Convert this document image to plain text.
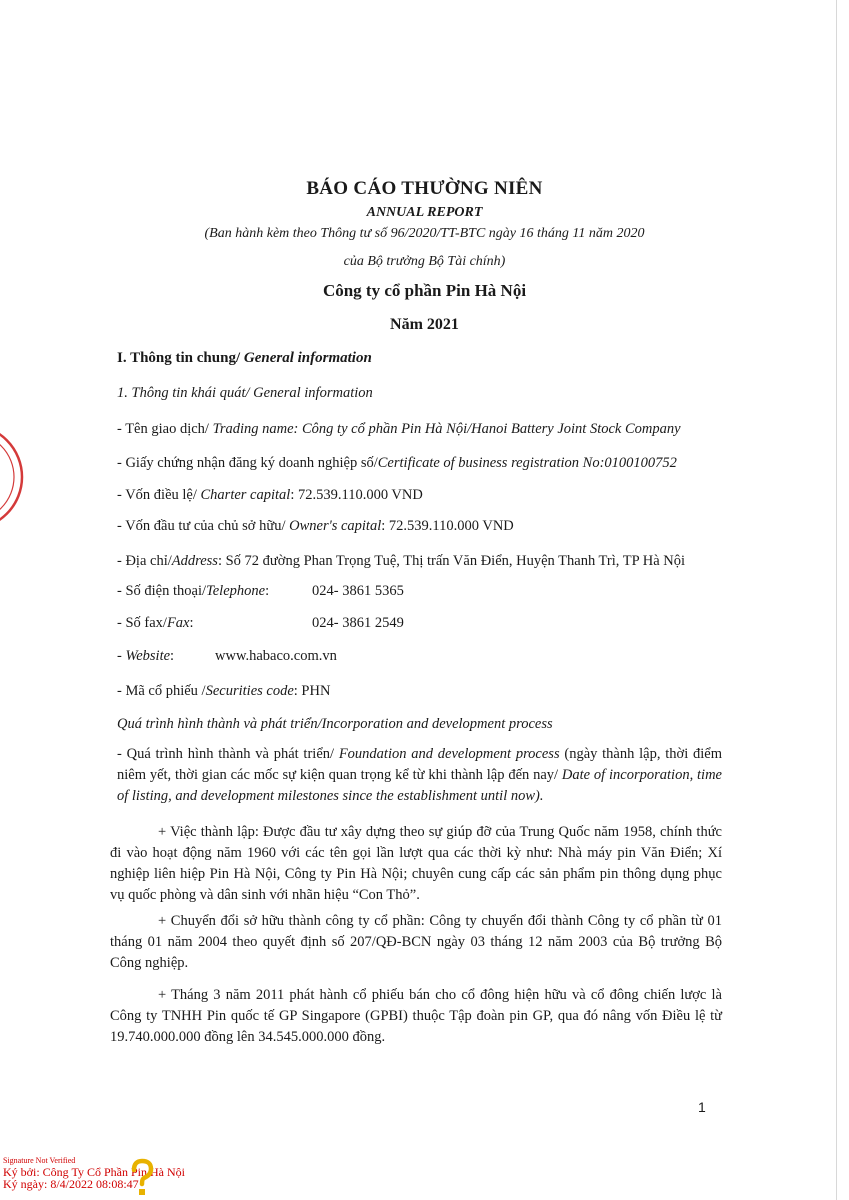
BÁO CÁO THƯỜNG NIÊN
ANNUAL REPORT
(Ban hành kèm theo Thông tư số 96/2020/TT-BTC ngày 16 tháng 11 năm 2020
của Bộ trưởng Bộ Tài chính)
Công ty cổ phần Pin Hà Nội
Năm 2021
I. Thông tin chung/ General information
1. Thông tin khái quát/ General information
- Tên giao dịch/ Trading name: Công ty cổ phần Pin Hà Nội/Hanoi Battery Joint Stock Company
- Giấy chứng nhận đăng ký doanh nghiệp số/Certificate of business registration No:0100100752
- Vốn điều lệ/ Charter capital: 72.539.110.000 VND
- Vốn đầu tư của chủ sở hữu/ Owner's capital: 72.539.110.000 VND
- Địa chỉ/Address: Số 72 đường Phan Trọng Tuệ, Thị trấn Văn Điển, Huyện Thanh Trì, TP Hà Nội
- Số điện thoại/Telephone:	024- 3861 5365
- Số fax/Fax:	024- 3861 2549
- Website:	www.habaco.com.vn
- Mã cổ phiếu /Securities code: PHN
Quá trình hình thành và phát triển/Incorporation and development process
- Quá trình hình thành và phát triển/ Foundation and development process (ngày thành lập, thời điểm niêm yết, thời gian các mốc sự kiện quan trọng kể từ khi thành lập đến nay/ Date of incorporation, time of listing, and development milestones since the establishment until now).
+ Việc thành lập: Được đầu tư xây dựng theo sự giúp đỡ của Trung Quốc năm 1958, chính thức đi vào hoạt động năm 1960 với các tên gọi lần lượt qua các thời kỳ như: Nhà máy pin Văn Điển; Xí nghiệp liên hiệp Pin Hà Nội, Công ty Pin Hà Nội; chuyên cung cấp các sản phẩm pin thông dụng phục vụ quốc phòng và dân sinh với nhãn hiệu “Con Thỏ”.
+ Chuyển đổi sở hữu thành công ty cổ phần: Công ty chuyển đổi thành Công ty cổ phần từ 01 tháng 01 năm 2004 theo quyết định số 207/QĐ-BCN ngày 03 tháng 12 năm 2003 của Bộ trưởng Bộ Công nghiệp.
+ Tháng 3 năm 2011 phát hành cổ phiếu bán cho cổ đông hiện hữu và cổ đông chiến lược là Công ty TNHH Pin quốc tế GP Singapore (GPBI) thuộc Tập đoàn pin GP, qua đó nâng vốn Điều lệ từ 19.740.000.000 đồng lên 34.545.000.000 đồng.
1
Signature Not Verified
Ký bởi: Công Ty Cổ Phần Pin Hà Nội
Ký ngày: 8/4/2022 08:08:47
